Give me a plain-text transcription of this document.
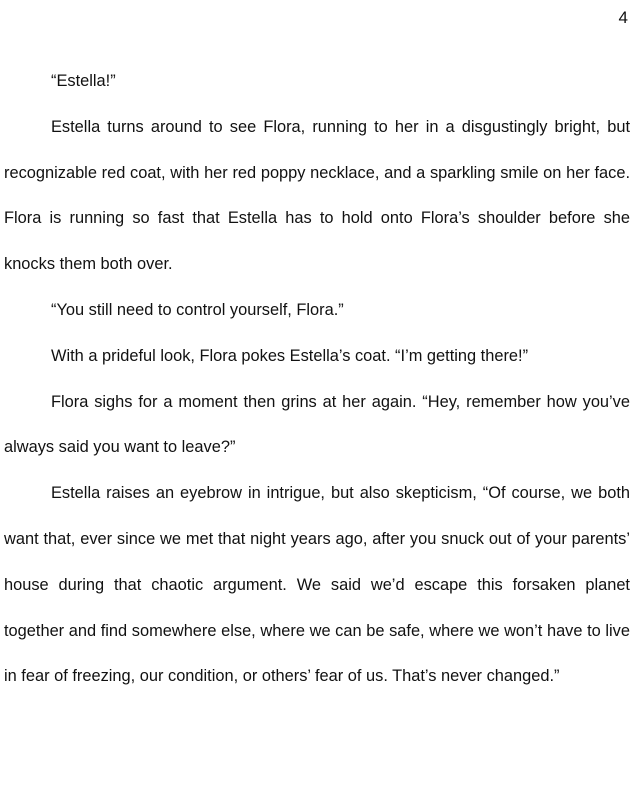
4

“Estella!”

Estella turns around to see Flora, running to her in a disgustingly bright, but recognizable red coat, with her red poppy necklace, and a sparkling smile on her face. Flora is running so fast that Estella has to hold onto Flora’s shoulder before she knocks them both over.

“You still need to control yourself, Flora.”

With a prideful look, Flora pokes Estella’s coat. “I’m getting there!”

Flora sighs for a moment then grins at her again. “Hey, remember how you’ve always said you want to leave?”

Estella raises an eyebrow in intrigue, but also skepticism, “Of course, we both want that, ever since we met that night years ago, after you snuck out of your parents’ house during that chaotic argument. We said we’d escape this forsaken planet together and find somewhere else, where we can be safe, where we won’t have to live in fear of freezing, our condition, or others’ fear of us. That’s never changed.”
